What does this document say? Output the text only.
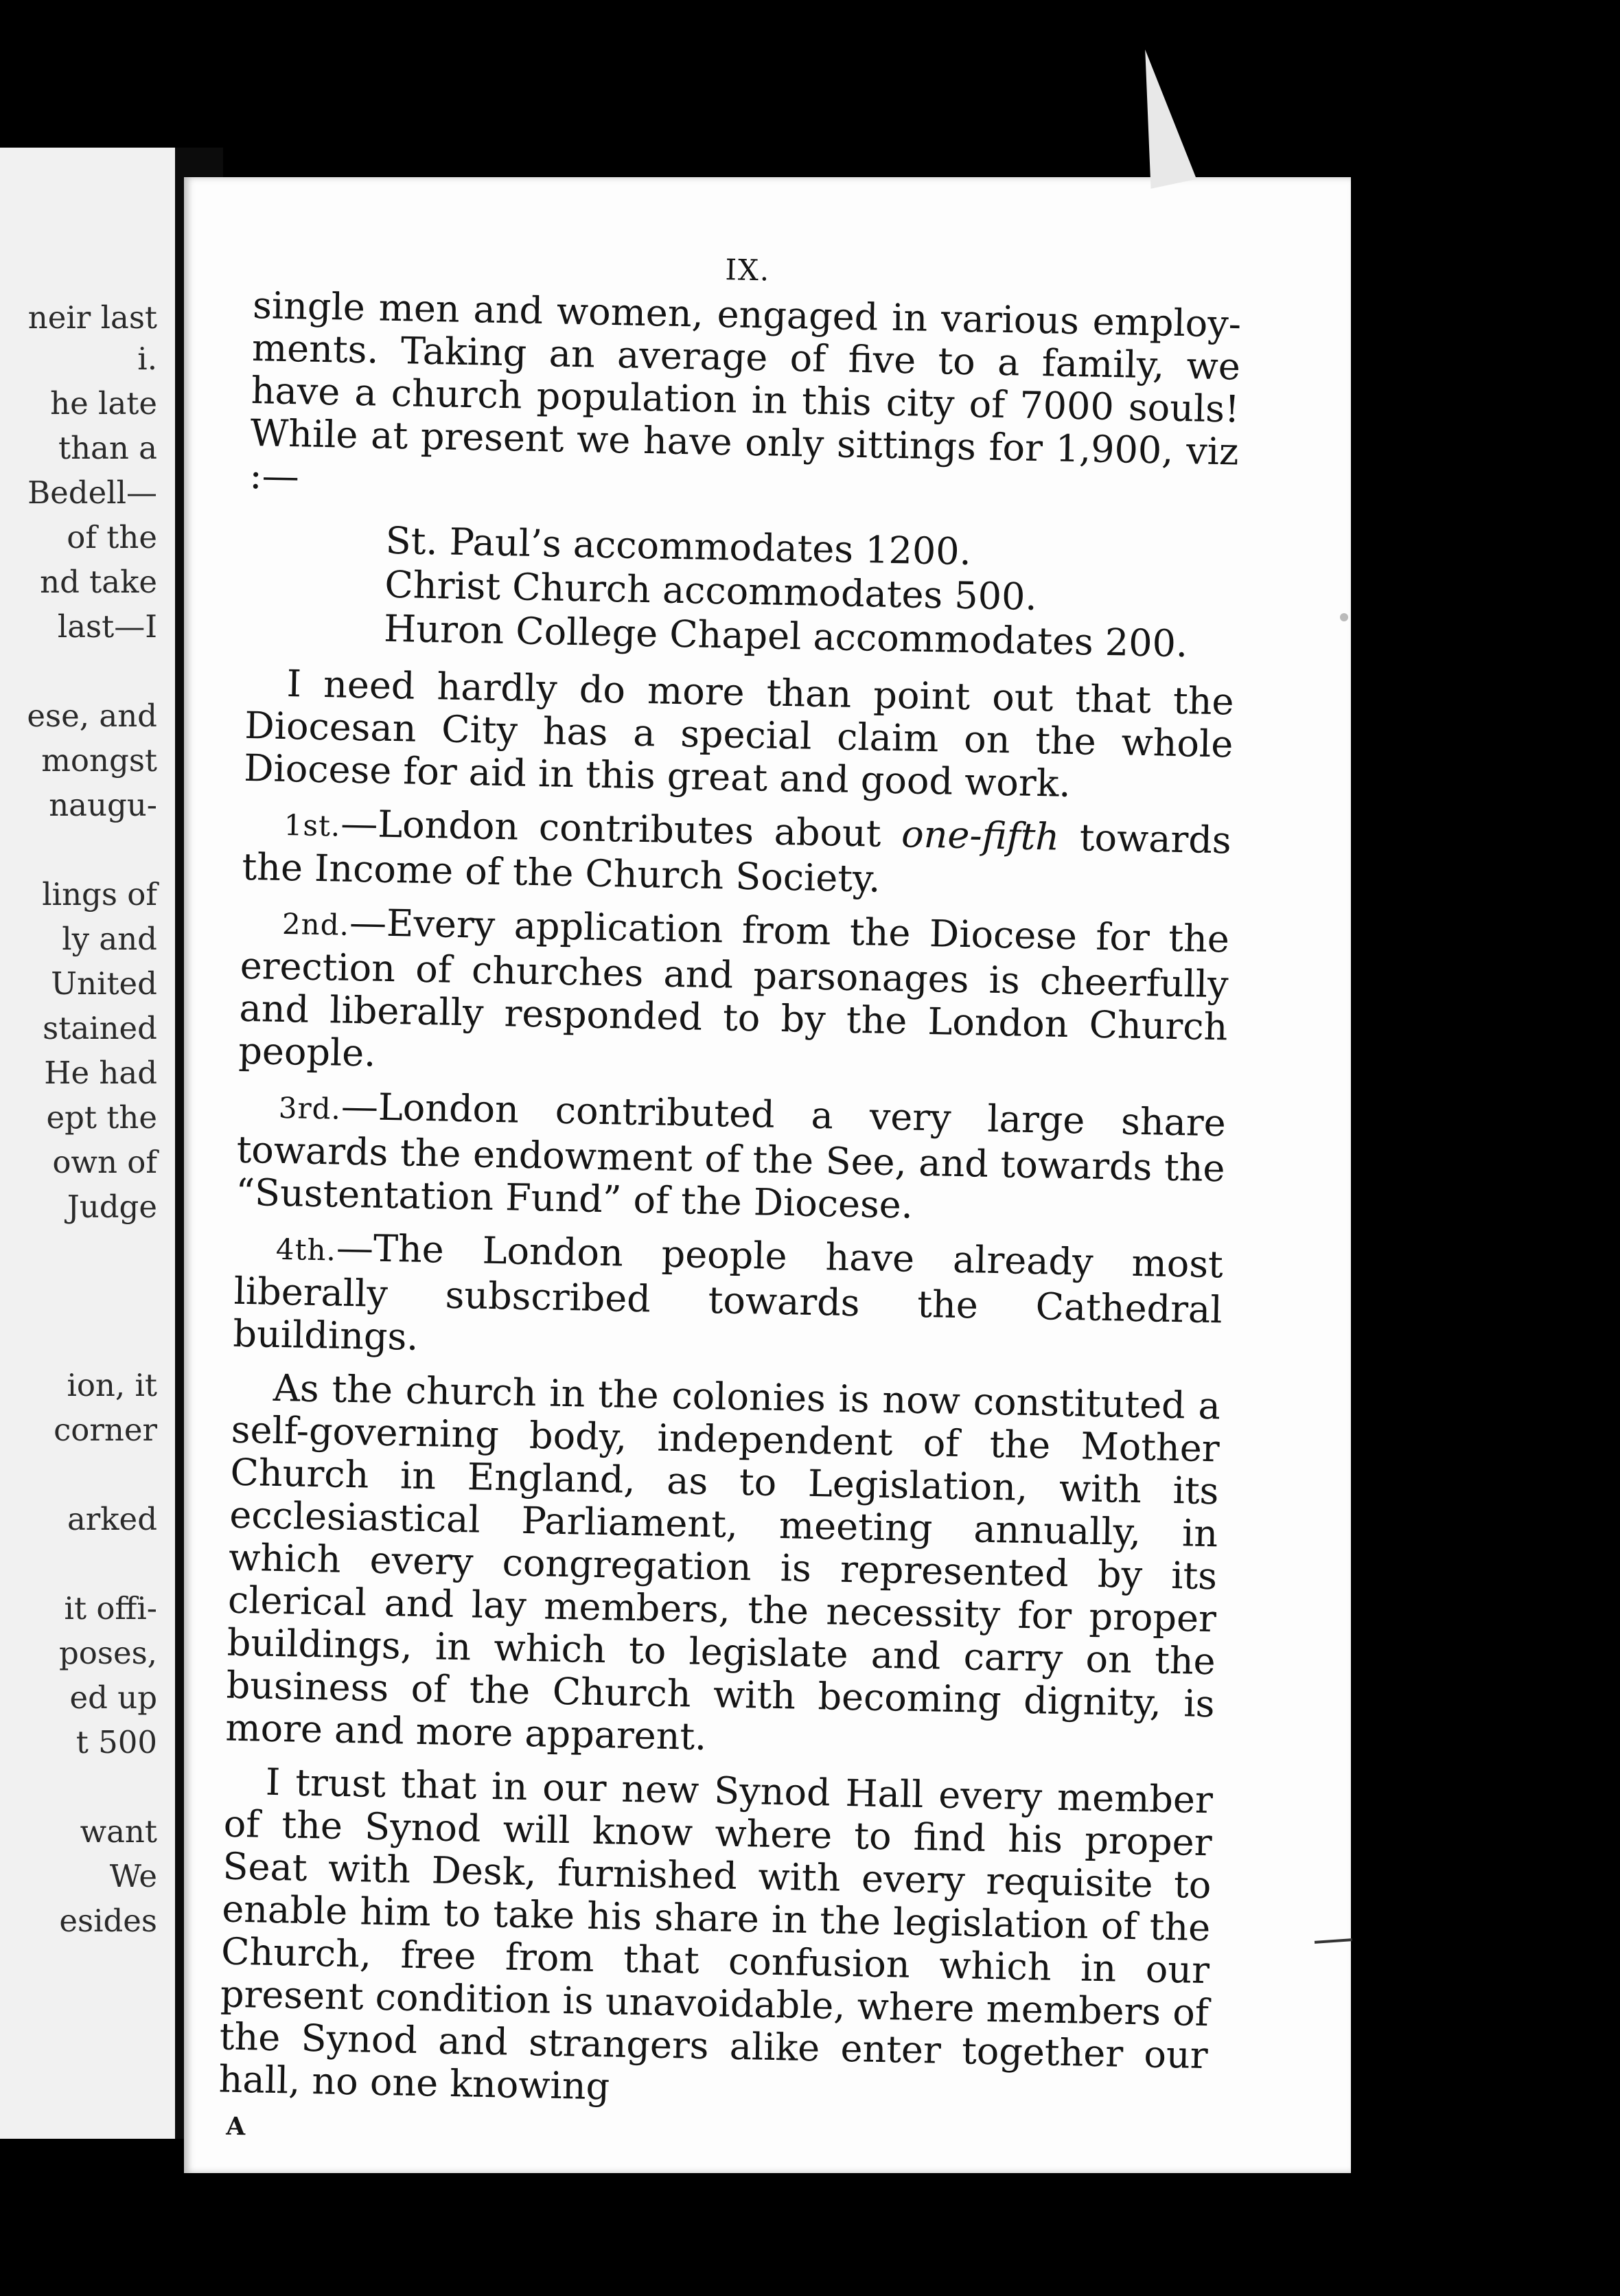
neir last
i.
he late
than a
Bedell—
of the
nd take
last—I
ese, and
mongst
naugu-
lings of
ly and
United
stained
He had
ept the
own of
Judge
ion, it
corner
arked
it offi-
poses,
ed up
t 500
want
We
esides
IX.

single men and women, engaged in various employ-ments. Taking an average of five to a family, we have a church population in this city of 7000 souls! While at present we have only sittings for 1,900, viz :—

St. Paul’s accommodates 1200.
Christ Church accommodates 500.
Huron College Chapel accommodates 200.

I need hardly do more than point out that the Diocesan City has a special claim on the whole Diocese for aid in this great and good work.

1st.—London contributes about one-fifth towards the Income of the Church Society.

2nd.—Every application from the Diocese for the erection of churches and parsonages is cheerfully and liberally responded to by the London Church people.

3rd.—London contributed a very large share towards the endowment of the See, and towards the “Sustentation Fund” of the Diocese.

4th.—The London people have already most liberally subscribed towards the Cathedral buildings.

As the church in the colonies is now constituted a self-governing body, independent of the Mother Church in England, as to Legislation, with its ecclesiastical Parliament, meeting annually, in which every congregation is represented by its clerical and lay members, the necessity for proper buildings, in which to legislate and carry on the business of the Church with becoming dignity, is more and more apparent.

I trust that in our new Synod Hall every member of the Synod will know where to find his proper Seat with Desk, furnished with every requisite to enable him to take his share in the legislation of the Church, free from that confusion which in our present condition is unavoidable, where members of the Synod and strangers alike enter together our hall, no one knowing

A
